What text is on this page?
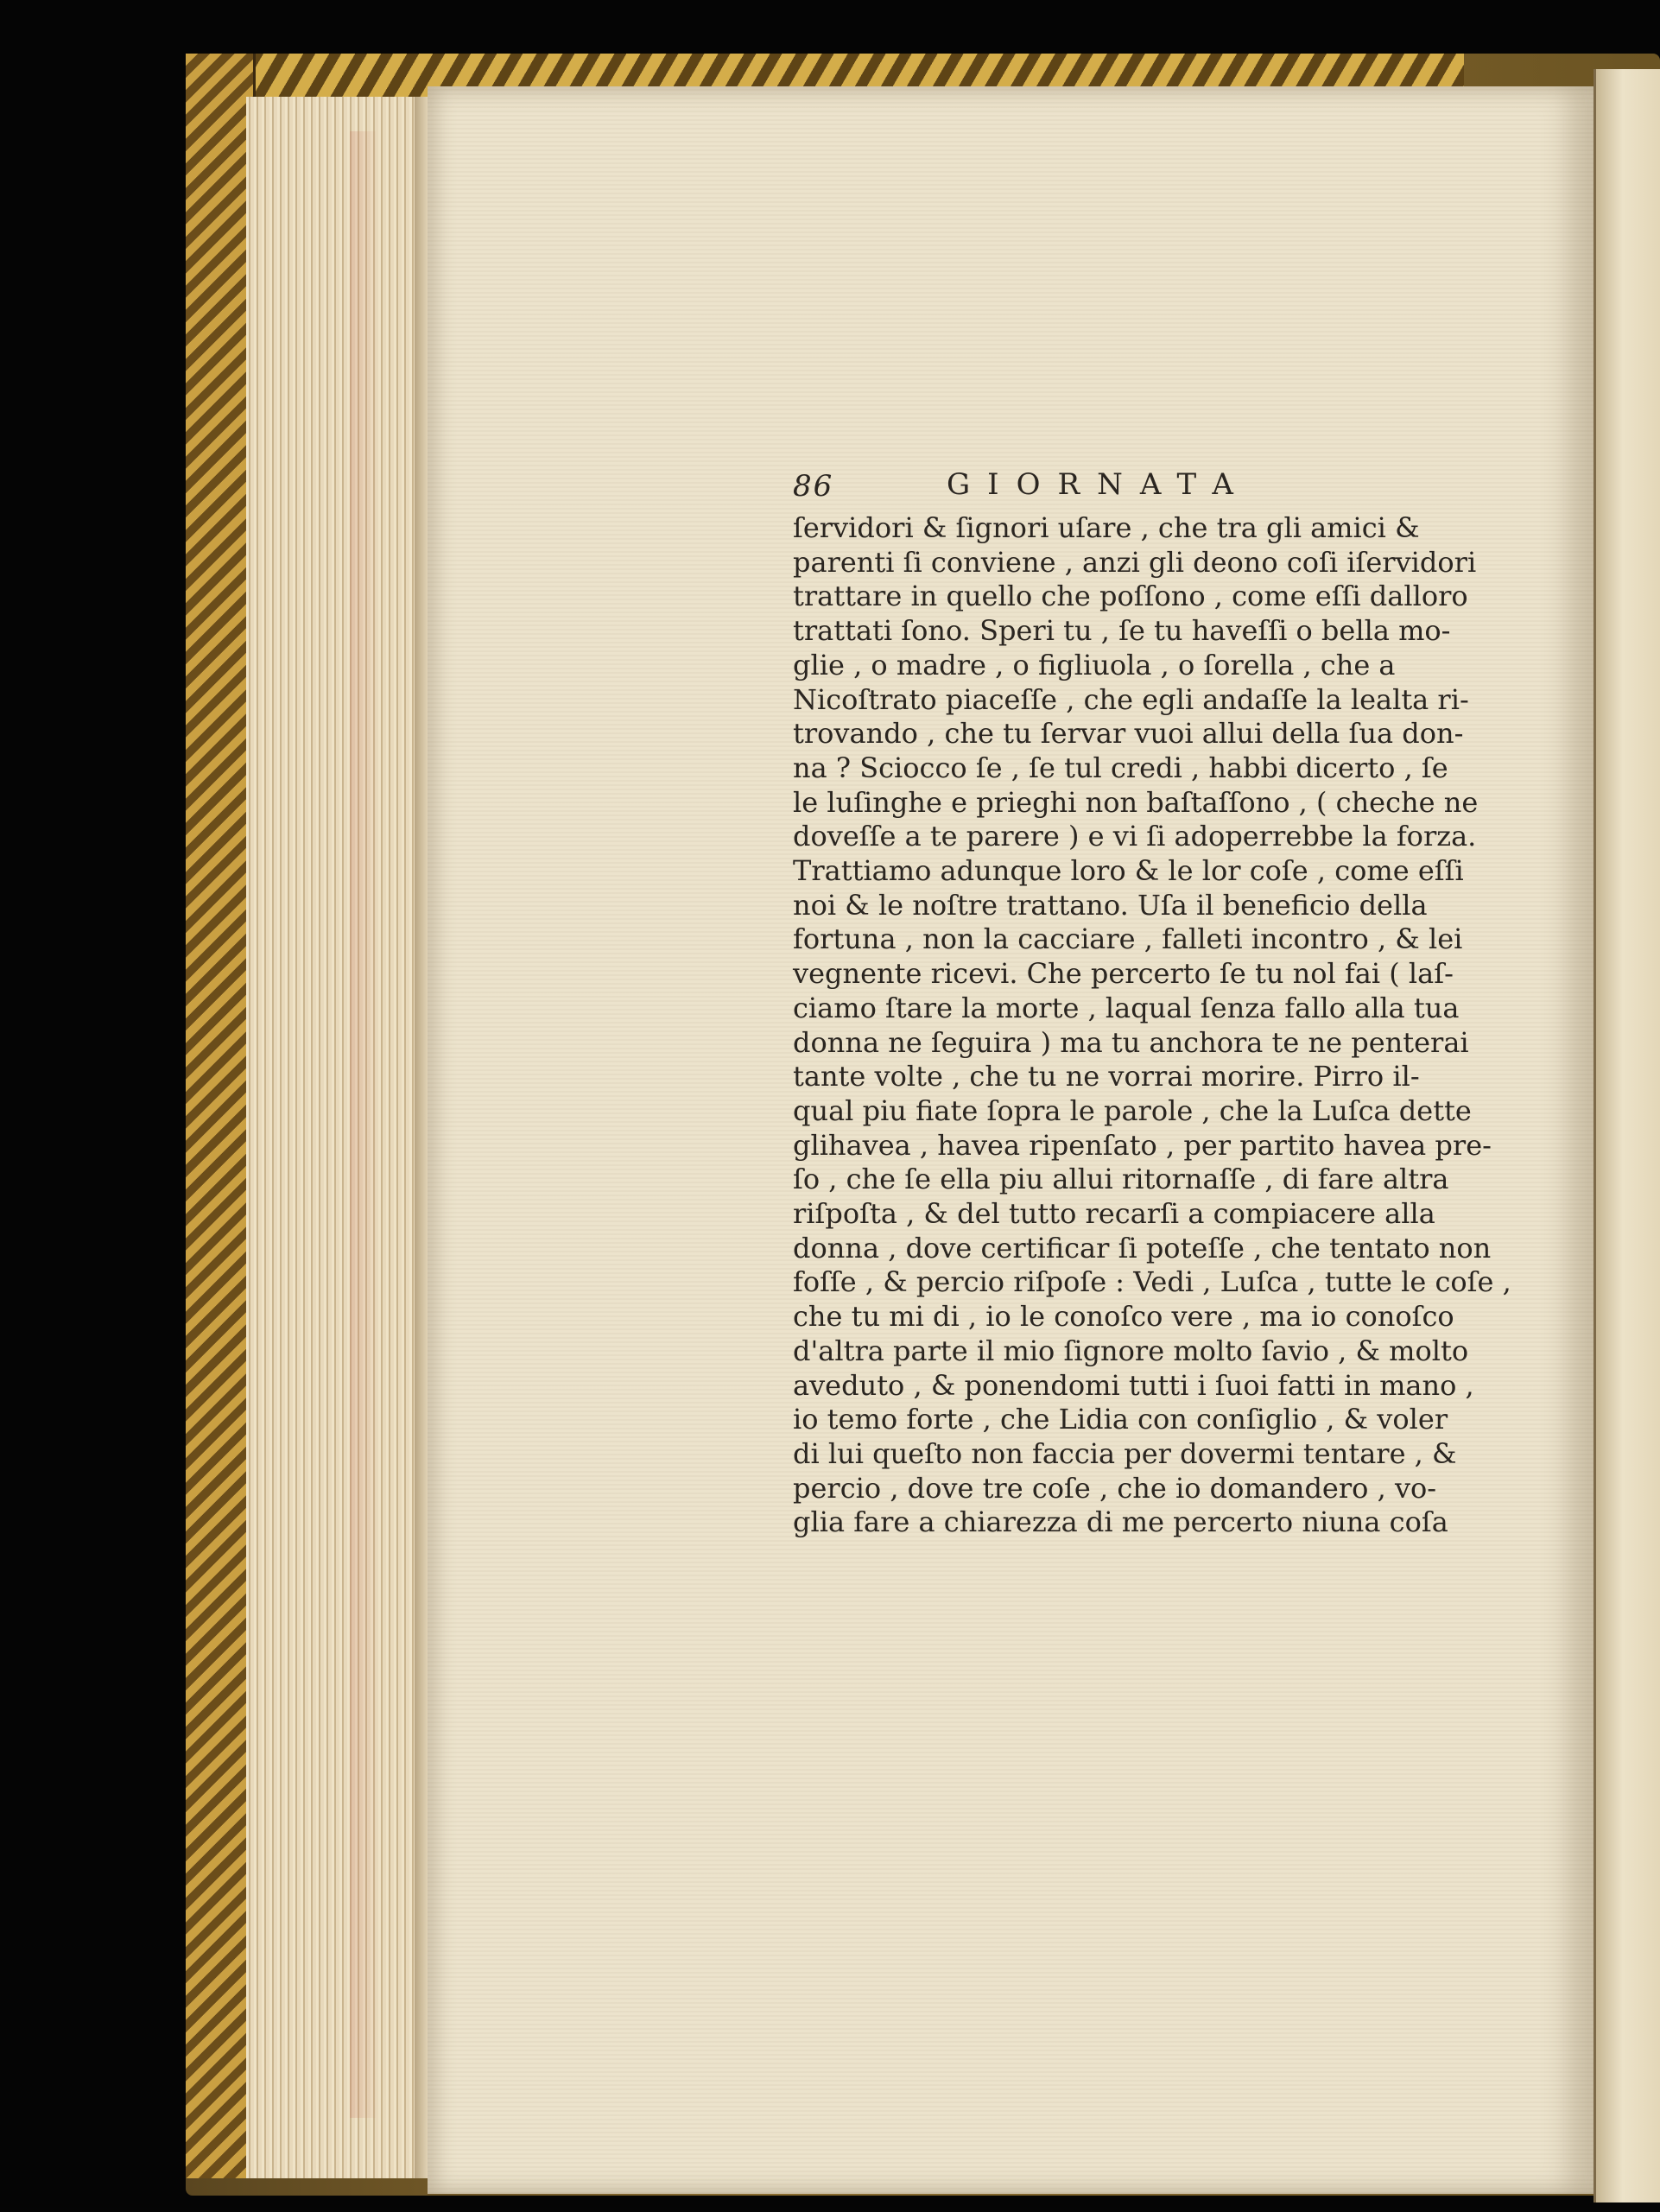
86	GIORNATA
ſervidori & ſignori uſare , che tra gli amici &
parenti ſi conviene , anzi gli deono coſi iſervidori
trattare in quello che poſſono , come eſſi dalloro
trattati ſono. Speri tu , ſe tu haveſſi o bella mo-
glie , o madre , o figliuola , o ſorella , che a
Nicoſtrato piaceſſe , che egli andaſſe la lealta ri-
trovando , che tu ſervar vuoi allui della ſua don-
na ? Sciocco ſe , ſe tul credi , habbi dicerto , ſe
le luſinghe e prieghi non baſtaſſono , ( cheche ne
doveſſe a te parere ) e vi ſi adoperrebbe la forza.
Trattiamo adunque loro & le lor coſe , come eſſi
noi & le noſtre trattano. Uſa il beneficio della
fortuna , non la cacciare , falleti incontro , & lei
vegnente ricevi. Che percerto ſe tu nol fai ( laſ-
ciamo ſtare la morte , laqual ſenza fallo alla tua
donna ne ſeguira ) ma tu anchora te ne penterai
tante volte , che tu ne vorrai morire. Pirro il-
qual piu fiate ſopra le parole , che la Luſca dette
glihavea , havea ripenſato , per partito havea pre-
ſo , che ſe ella piu allui ritornaſſe , di fare altra
riſpoſta , & del tutto recarſi a compiacere alla
donna , dove certificar ſi poteſſe , che tentato non
foſſe , & percio riſpoſe : Vedi , Luſca , tutte le coſe ,
che tu mi di , io le conoſco vere , ma io conoſco
d'altra parte il mio ſignore molto ſavio , & molto
aveduto , & ponendomi tutti i ſuoi fatti in mano ,
io temo forte , che Lidia con conſiglio , & voler
di lui queſto non faccia per dovermi tentare , &
percio , dove tre coſe , che io domandero , vo-
glia fare a chiarezza di me percerto niuna coſa
